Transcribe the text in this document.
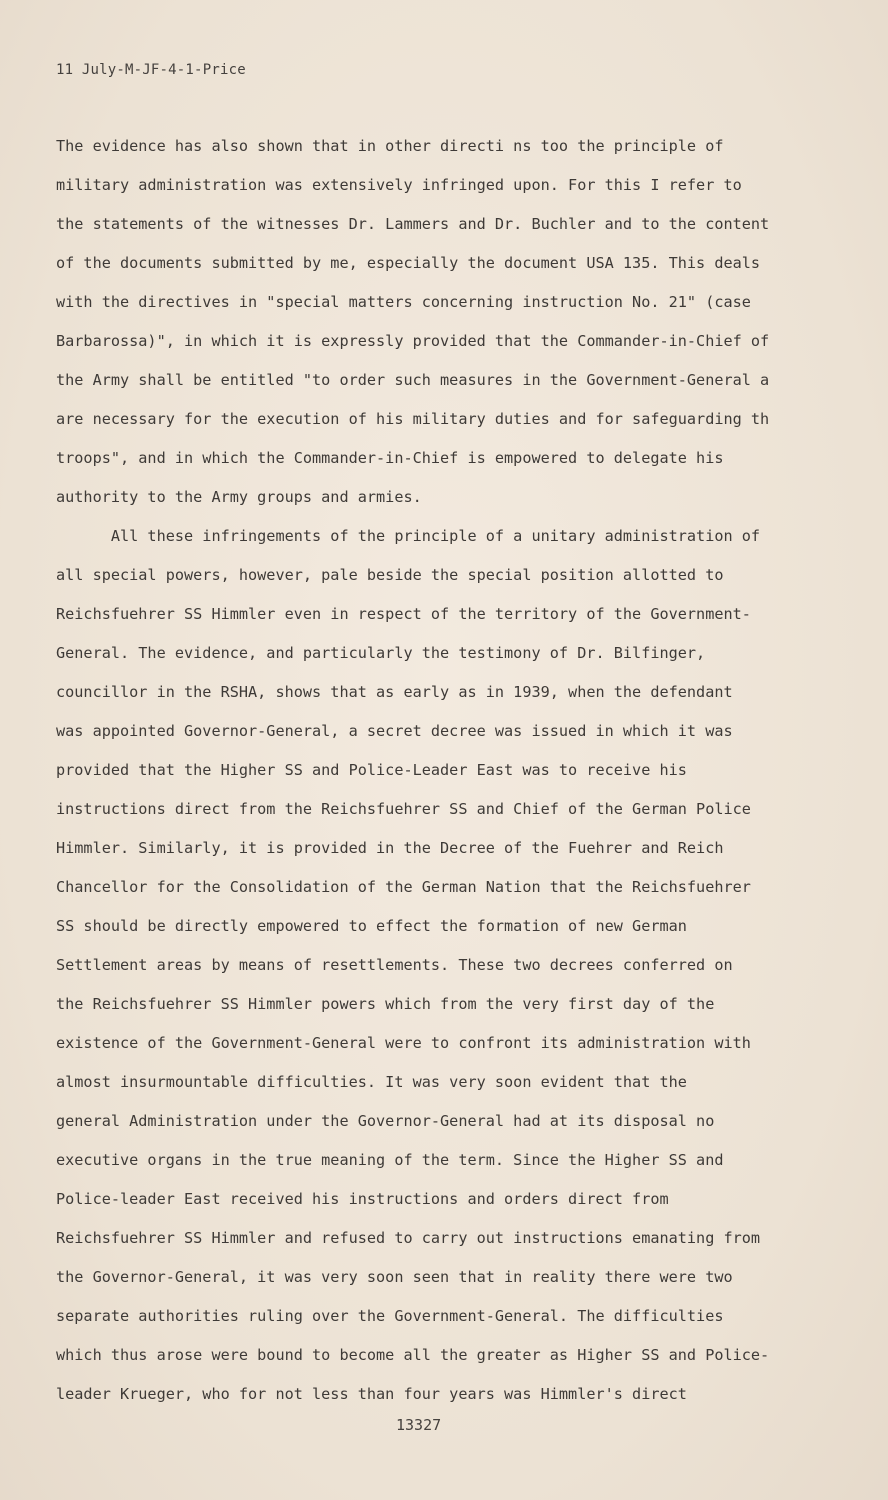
11 July-M-JF-4-1-Price
The evidence has also shown that in other directi ns too the principle of
military administration was extensively infringed upon. For this I refer to
the statements of the witnesses Dr. Lammers and Dr. Buchler and to the content
of the documents submitted by me, especially the document USA 135. This deals
with the directives in "special matters concerning instruction No. 21" (case
Barbarossa)", in which it is expressly provided that the Commander-in-Chief of
the Army shall be entitled "to order such measures in the Government-General a
are necessary for the execution of his military duties and for safeguarding th
troops", and in which the Commander-in-Chief is empowered to delegate his
authority to the Army groups and armies.
All these infringements of the principle of a unitary administration of
all special powers, however, pale beside the special position allotted to
Reichsfuehrer SS Himmler even in respect of the territory of the Government-
General. The evidence, and particularly the testimony of Dr. Bilfinger,
councillor in the RSHA, shows that as early as in 1939, when the defendant
was appointed Governor-General, a secret decree was issued in which it was
provided that the Higher SS and Police-Leader East was to receive his
instructions direct from the Reichsfuehrer SS and Chief of the German Police
Himmler. Similarly, it is provided in the Decree of the Fuehrer and Reich
Chancellor for the Consolidation of the German Nation that the Reichsfuehrer
SS should be directly empowered to effect the formation of new German
Settlement areas by means of resettlements. These two decrees conferred on
the Reichsfuehrer SS Himmler powers which from the very first day of the
existence of the Government-General were to confront its administration with
almost insurmountable difficulties. It was very soon evident that the
general Administration under the Governor-General had at its disposal no
executive organs in the true meaning of the term. Since the Higher SS and
Police-leader East received his instructions and orders direct from
Reichsfuehrer SS Himmler and refused to carry out instructions emanating from
the Governor-General, it was very soon seen that in reality there were two
separate authorities ruling over the Government-General. The difficulties
which thus arose were bound to become all the greater as Higher SS and Police-
leader Krueger, who for not less than four years was Himmler's direct
13327
